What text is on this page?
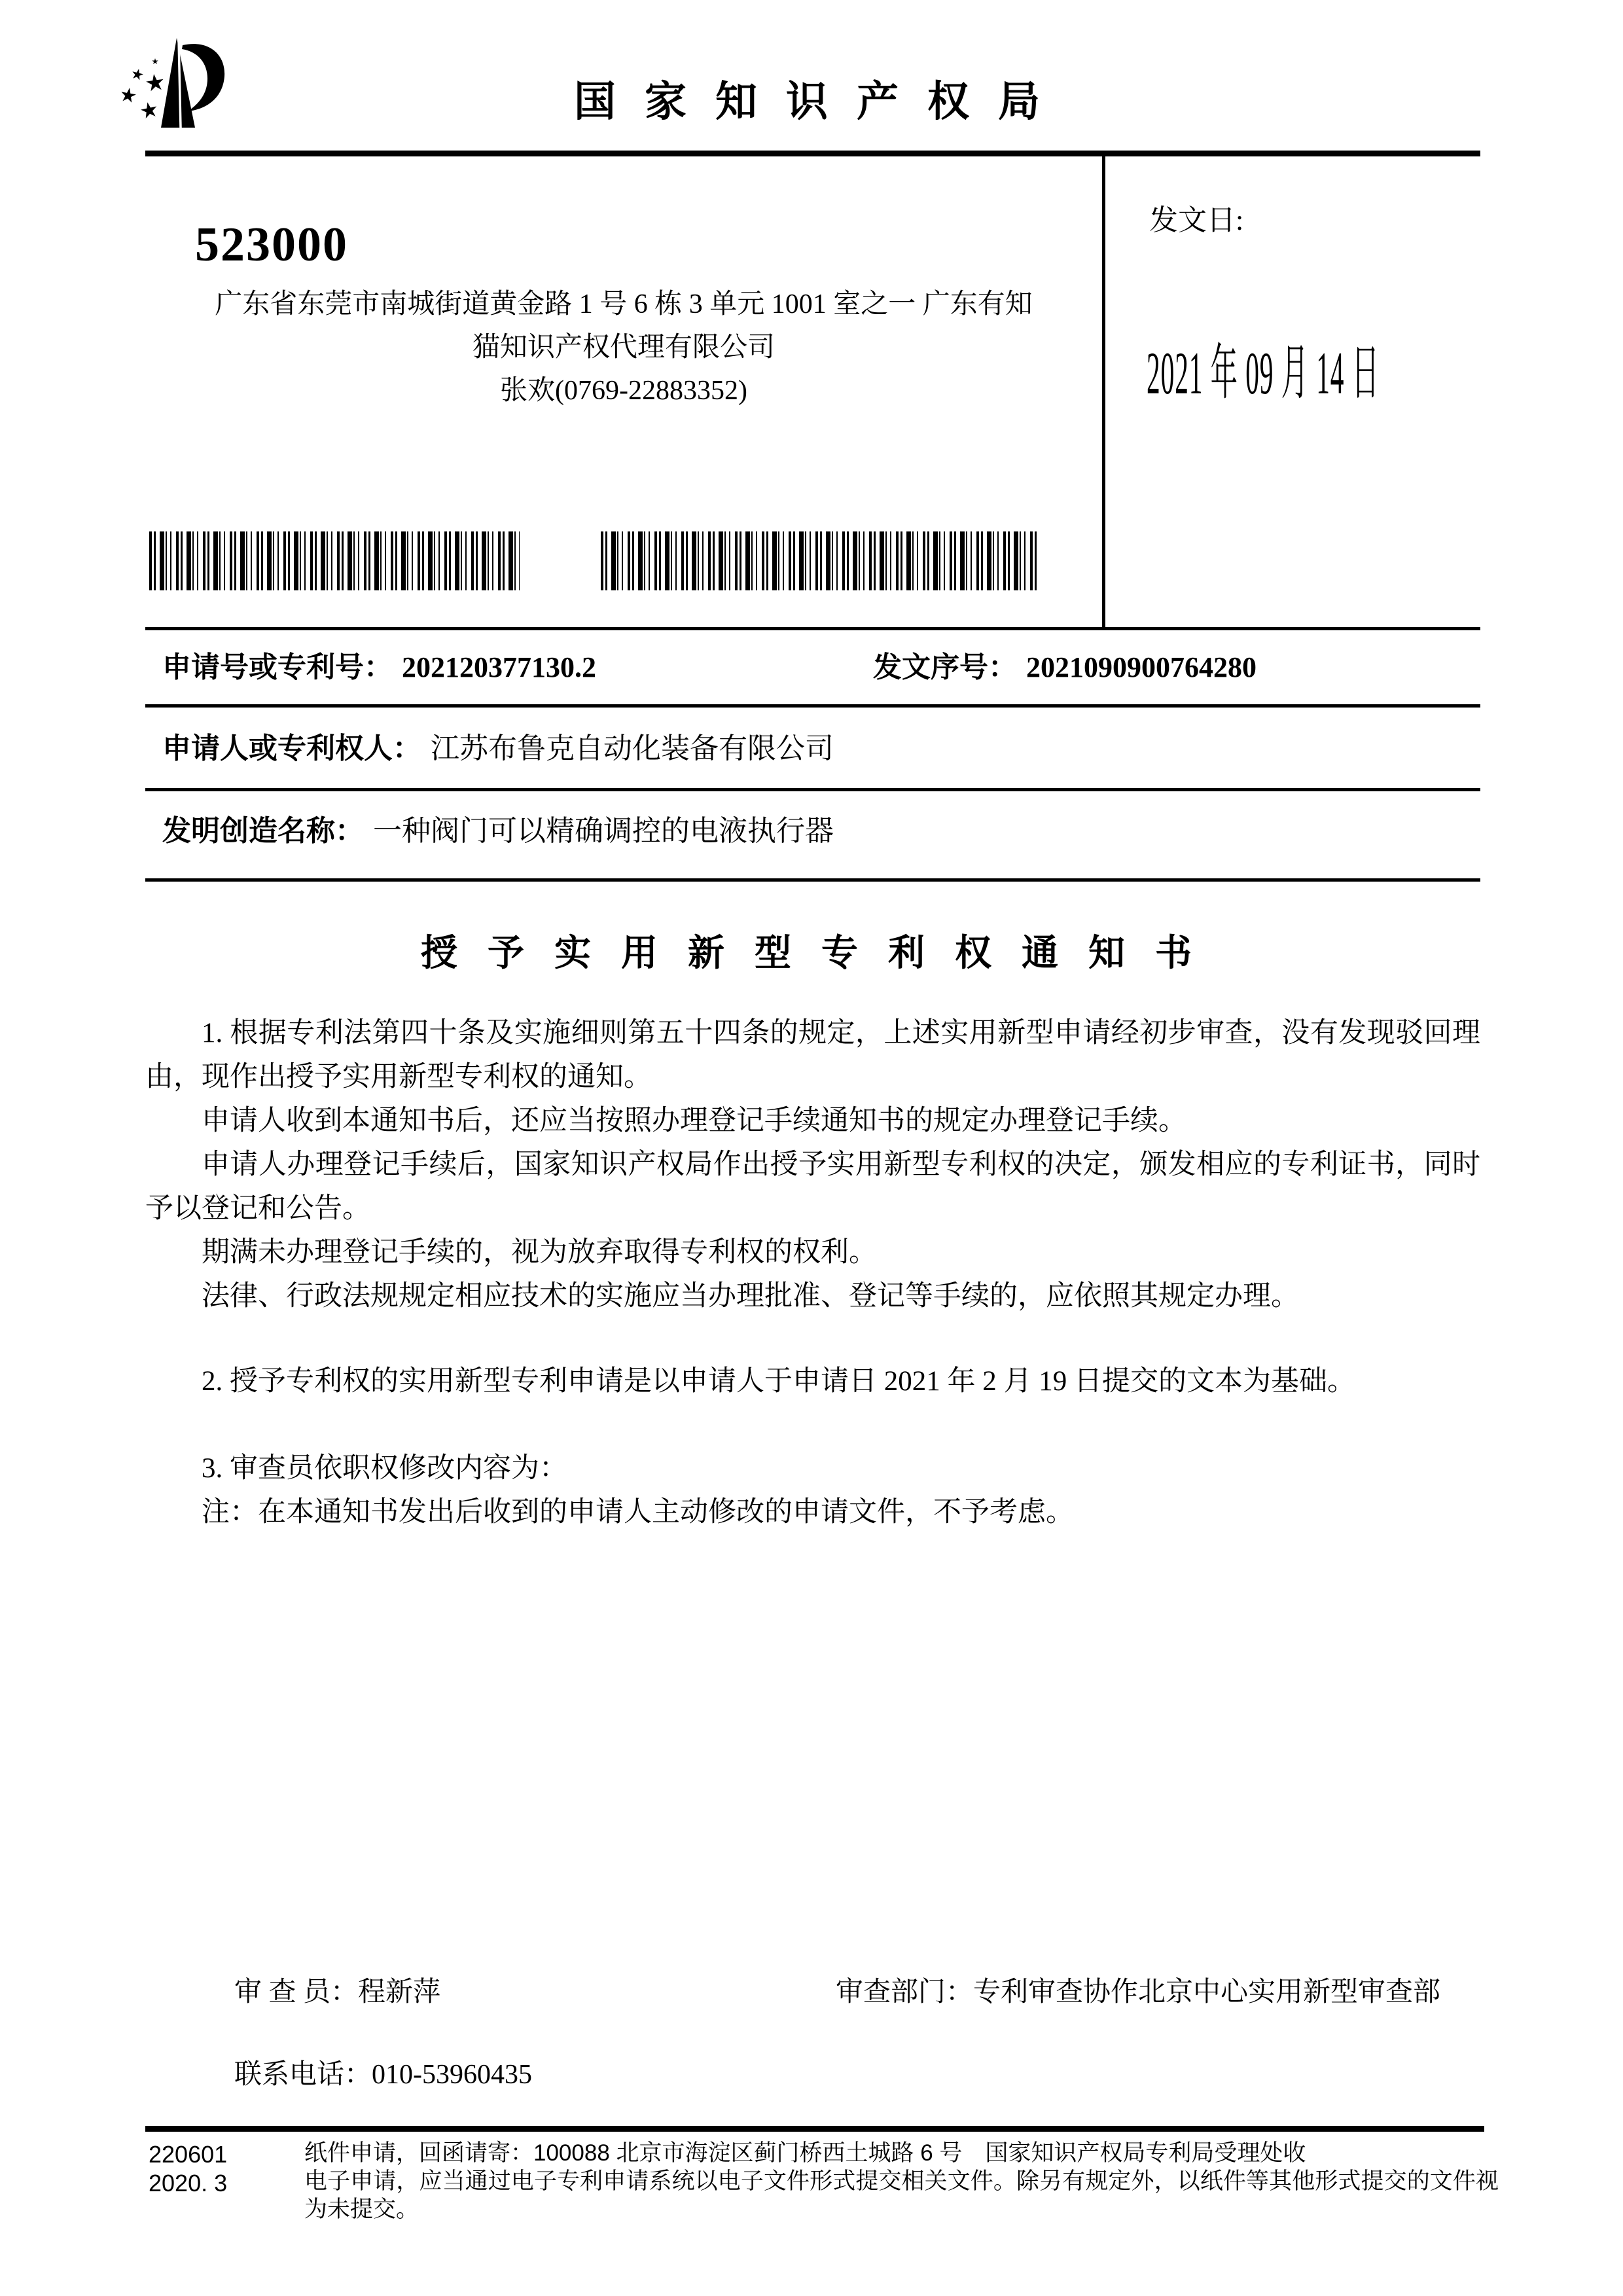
国 家 知 识 产 权 局
523000
广东省东莞市南城街道黄金路 1 号 6 栋 3 单元 1001 室之一 广东有知
猫知识产权代理有限公司
张欢(0769-22883352)
发文日:
2021 年 09 月 14 日
申请号或专利号： 202120377130.2	发文序号： 2021090900764280
申请人或专利权人： 江苏布鲁克自动化装备有限公司
发明创造名称： 一种阀门可以精确调控的电液执行器
授 予 实 用 新 型 专 利 权 通 知 书

1. 根据专利法第四十条及实施细则第五十四条的规定，上述实用新型申请经初步审查，没有发现驳回理由，现作出授予实用新型专利权的通知。

申请人收到本通知书后，还应当按照办理登记手续通知书的规定办理登记手续。

申请人办理登记手续后，国家知识产权局作出授予实用新型专利权的决定，颁发相应的专利证书，同时予以登记和公告。

期满未办理登记手续的，视为放弃取得专利权的权利。

法律、行政法规规定相应技术的实施应当办理批准、登记等手续的，应依照其规定办理。

2. 授予专利权的实用新型专利申请是以申请人于申请日 2021 年 2 月 19 日提交的文本为基础。

3. 审查员依职权修改内容为：

注：在本通知书发出后收到的申请人主动修改的申请文件，不予考虑。

审 查 员：程新萍	审查部门：专利审查协作北京中心实用新型审查部
联系电话：010-53960435
220601
2020. 3

纸件申请，回函请寄：100088 北京市海淀区蓟门桥西土城路 6 号　国家知识产权局专利局受理处收

电子申请，应当通过电子专利申请系统以电子文件形式提交相关文件。除另有规定外，以纸件等其他形式提交的文件视为未提交。
